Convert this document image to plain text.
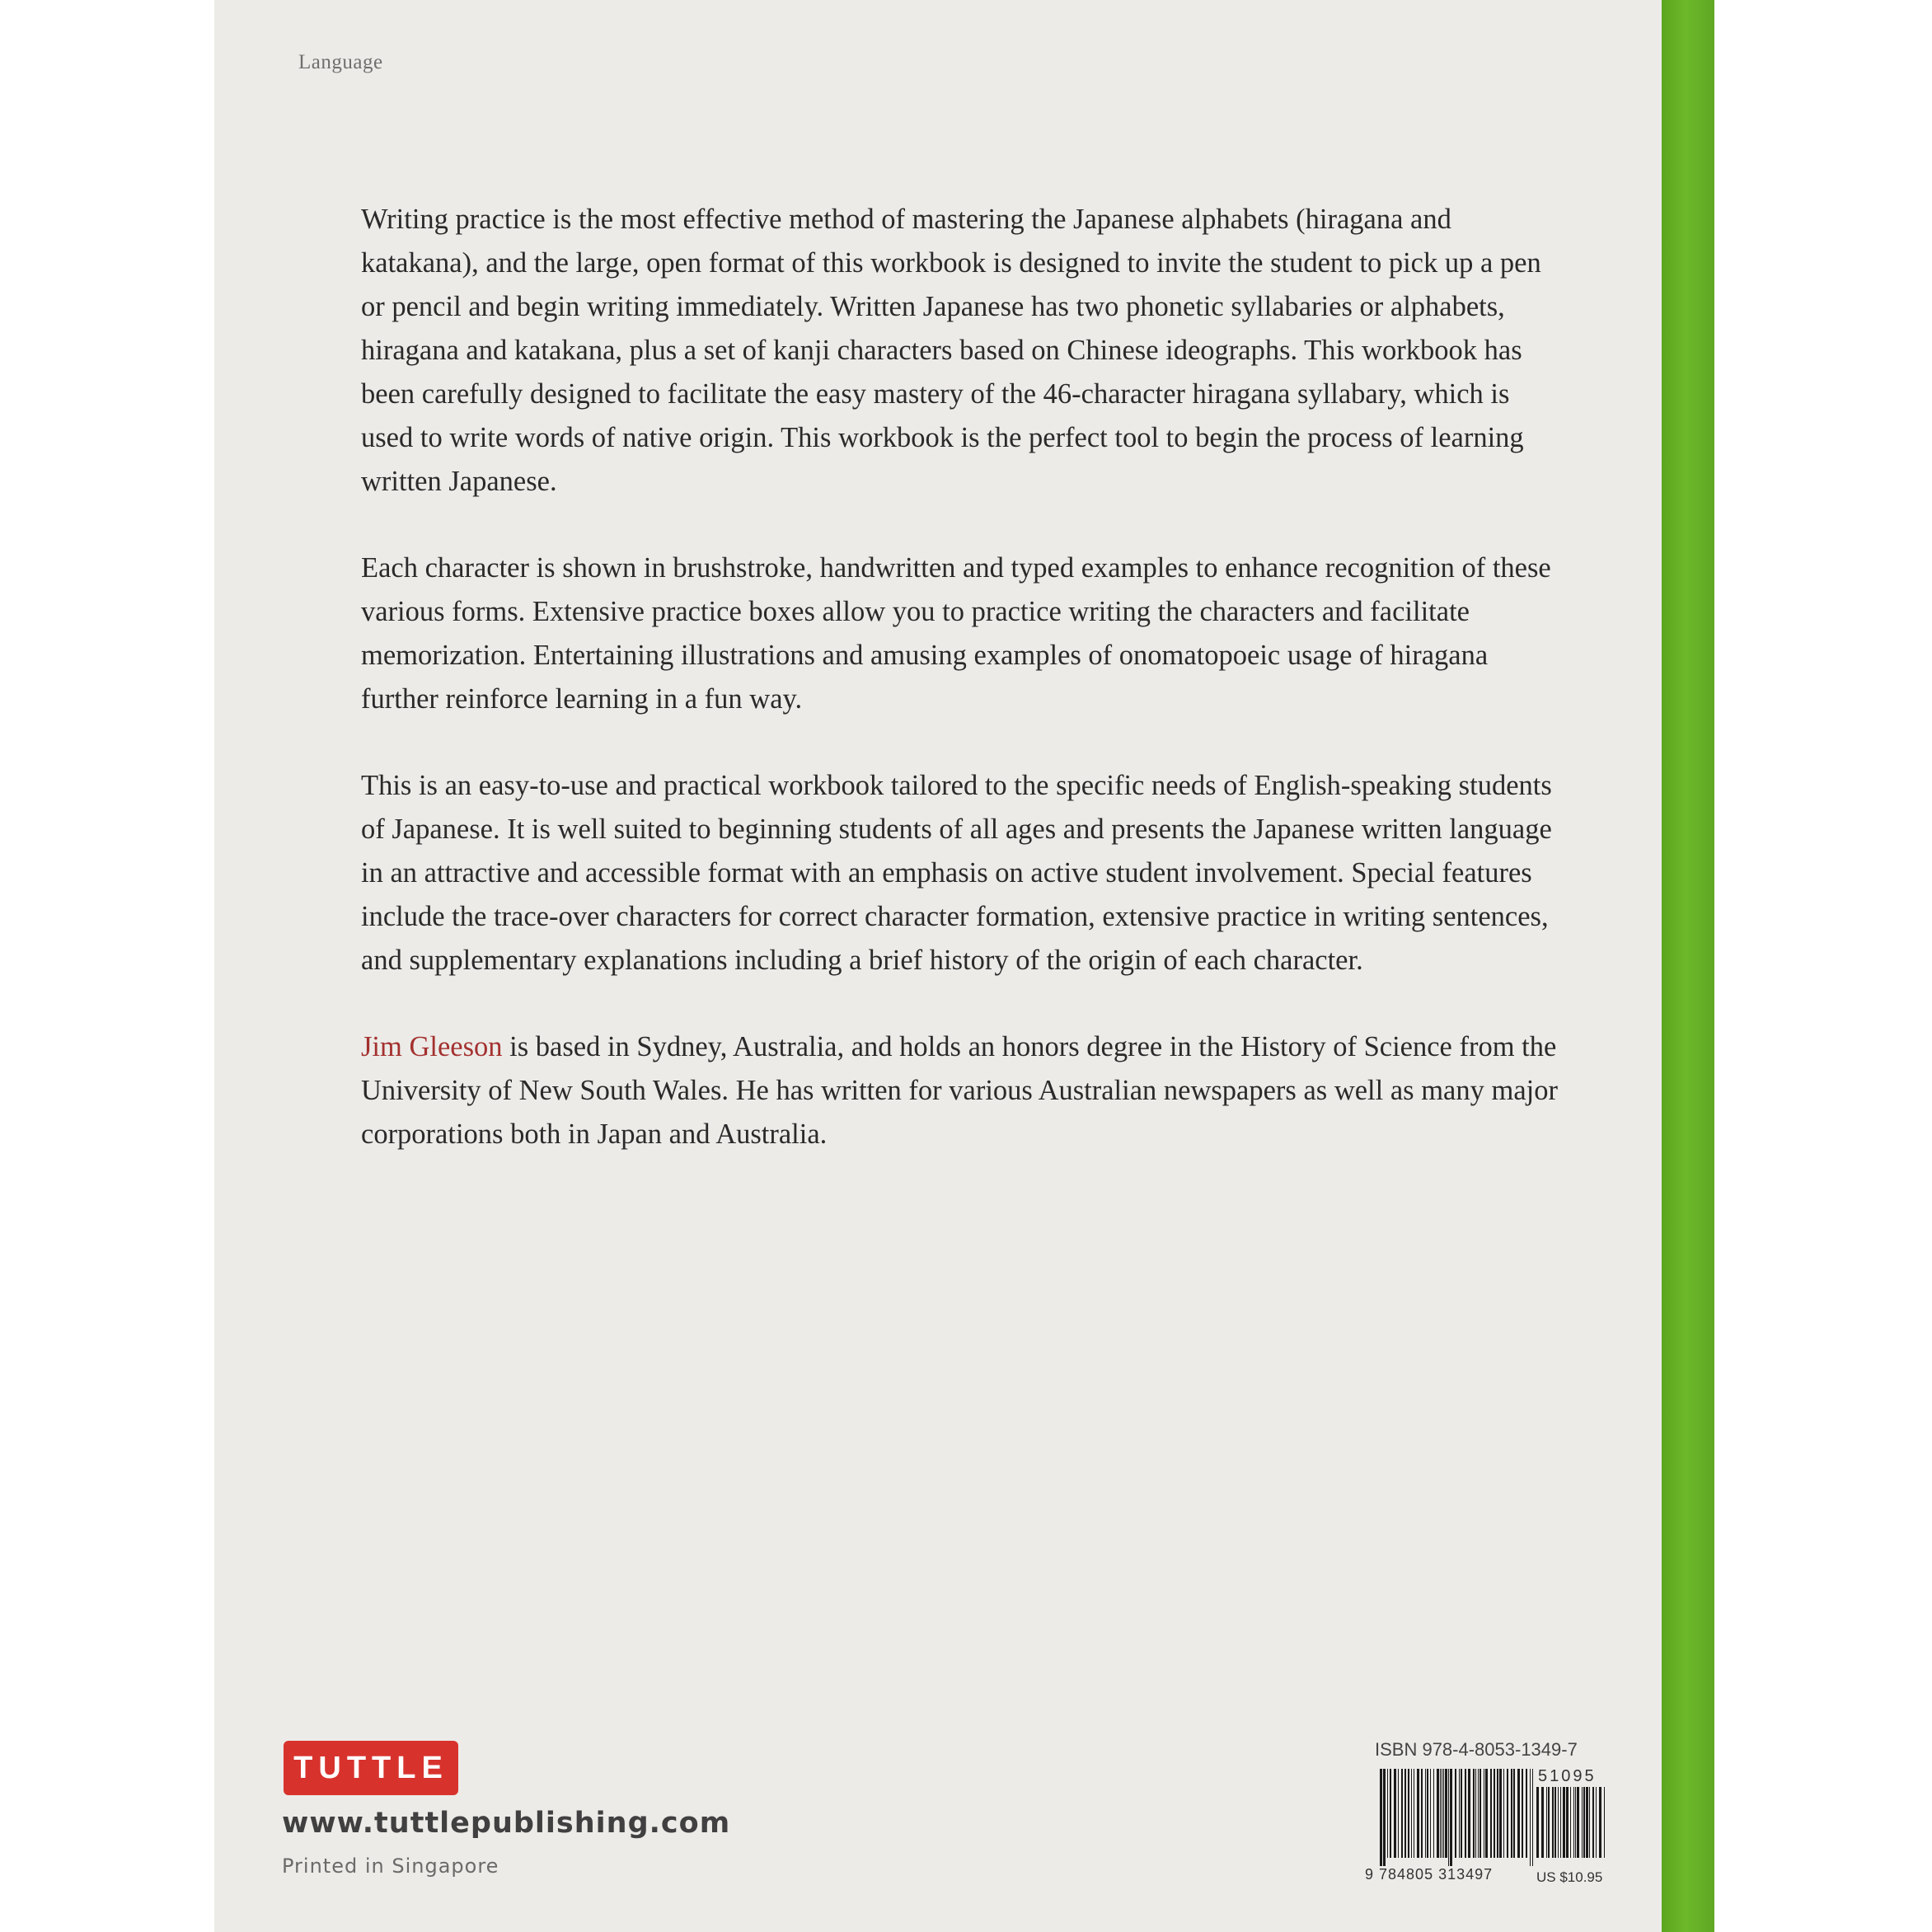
Language

Writing practice is the most effective method of mastering the Japanese alphabets (hiragana and katakana), and the large, open format of this workbook is designed to invite the student to pick up a pen or pencil and begin writing immediately. Written Japanese has two phonetic syllabaries or alphabets, hiragana and katakana, plus a set of kanji characters based on Chinese ideographs. This workbook has been carefully designed to facilitate the easy mastery of the 46-character hiragana syllabary, which is used to write words of native origin. This workbook is the perfect tool to begin the process of learning written Japanese.

Each character is shown in brushstroke, handwritten and typed examples to enhance recognition of these various forms. Extensive practice boxes allow you to practice writing the characters and facilitate memorization. Entertaining illustrations and amusing examples of onomatopoeic usage of hiragana further reinforce learning in a fun way.

This is an easy-to-use and practical workbook tailored to the specific needs of English-speaking students of Japanese. It is well suited to beginning students of all ages and presents the Japanese written language in an attractive and accessible format with an emphasis on active student involvement. Special features include the trace-over characters for correct character formation, extensive practice in writing sentences, and supplementary explanations including a brief history of the origin of each character.

Jim Gleeson is based in Sydney, Australia, and holds an honors degree in the History of Science from the University of New South Wales. He has written for various Australian newspapers as well as many major corporations both in Japan and Australia.

TUTTLE
www.tuttlepublishing.com
Printed in Singapore
ISBN 978-4-8053-1349-7
51095
9 784805 313497	US $10.95
